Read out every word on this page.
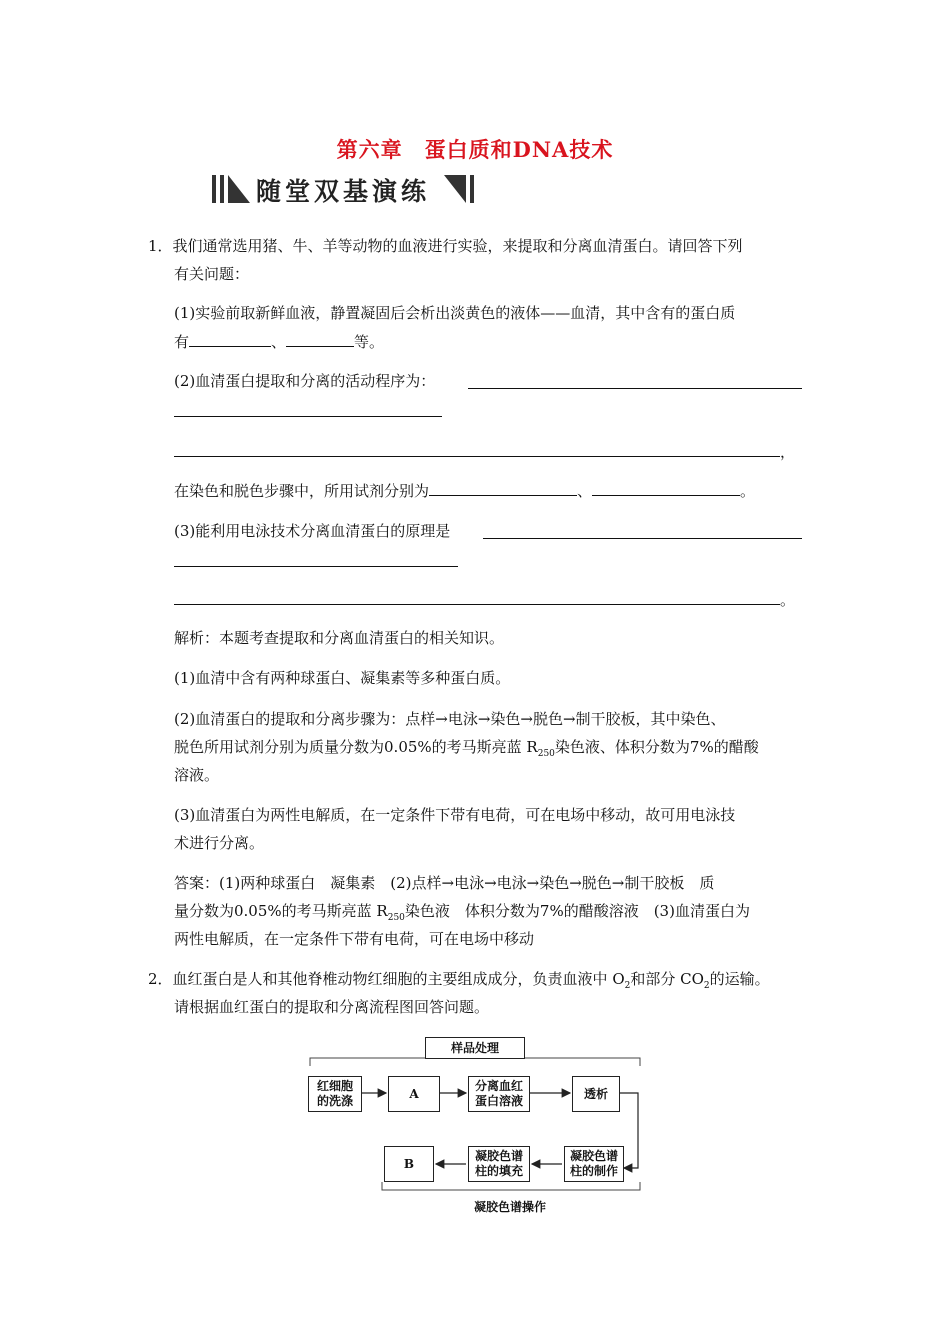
第六章　蛋白质和DNA技术
随堂双基演练
1．我们通常选用猪、牛、羊等动物的血液进行实验，来提取和分离血清蛋白。请回答下列
有关问题：
(1)实验前取新鲜血液，静置凝固后会析出淡黄色的液体——血清，其中含有的蛋白质
有	、	等。
(2)血清蛋白提取和分离的活动程序为：
，
在染色和脱色步骤中，所用试剂分别为	、	。
(3)能利用电泳技术分离血清蛋白的原理是
。
解析：本题考查提取和分离血清蛋白的相关知识。
(1)血清中含有两种球蛋白、凝集素等多种蛋白质。
(2)血清蛋白的提取和分离步骤为：点样→电泳→染色→脱色→制干胶板，其中染色、
脱色所用试剂分别为质量分数为0.05%的考马斯亮蓝 $R_{250}$染色液、体积分数为7%的醋酸
溶液。
(3)血清蛋白为两性电解质，在一定条件下带有电荷，可在电场中移动，故可用电泳技
术进行分离。
答案：(1)两种球蛋白　凝集素　(2)点样→电泳→电泳→染色→脱色→制干胶板　质
量分数为0.05%的考马斯亮蓝 $R_{250}$染色液　体积分数为7%的醋酸溶液　(3)血清蛋白为
两性电解质，在一定条件下带有电荷，可在电场中移动
2．血红蛋白是人和其他脊椎动物红细胞的主要组成成分，负责血液中 $O_2$和部分 $CO_2$的运输。
请根据血红蛋白的提取和分离流程图回答问题。
样品处理
红细胞
的洗涤
A
分离血红
蛋白溶液
透析
凝胶色谱
柱的制作
凝胶色谱
柱的填充
B
凝胶色谱操作
